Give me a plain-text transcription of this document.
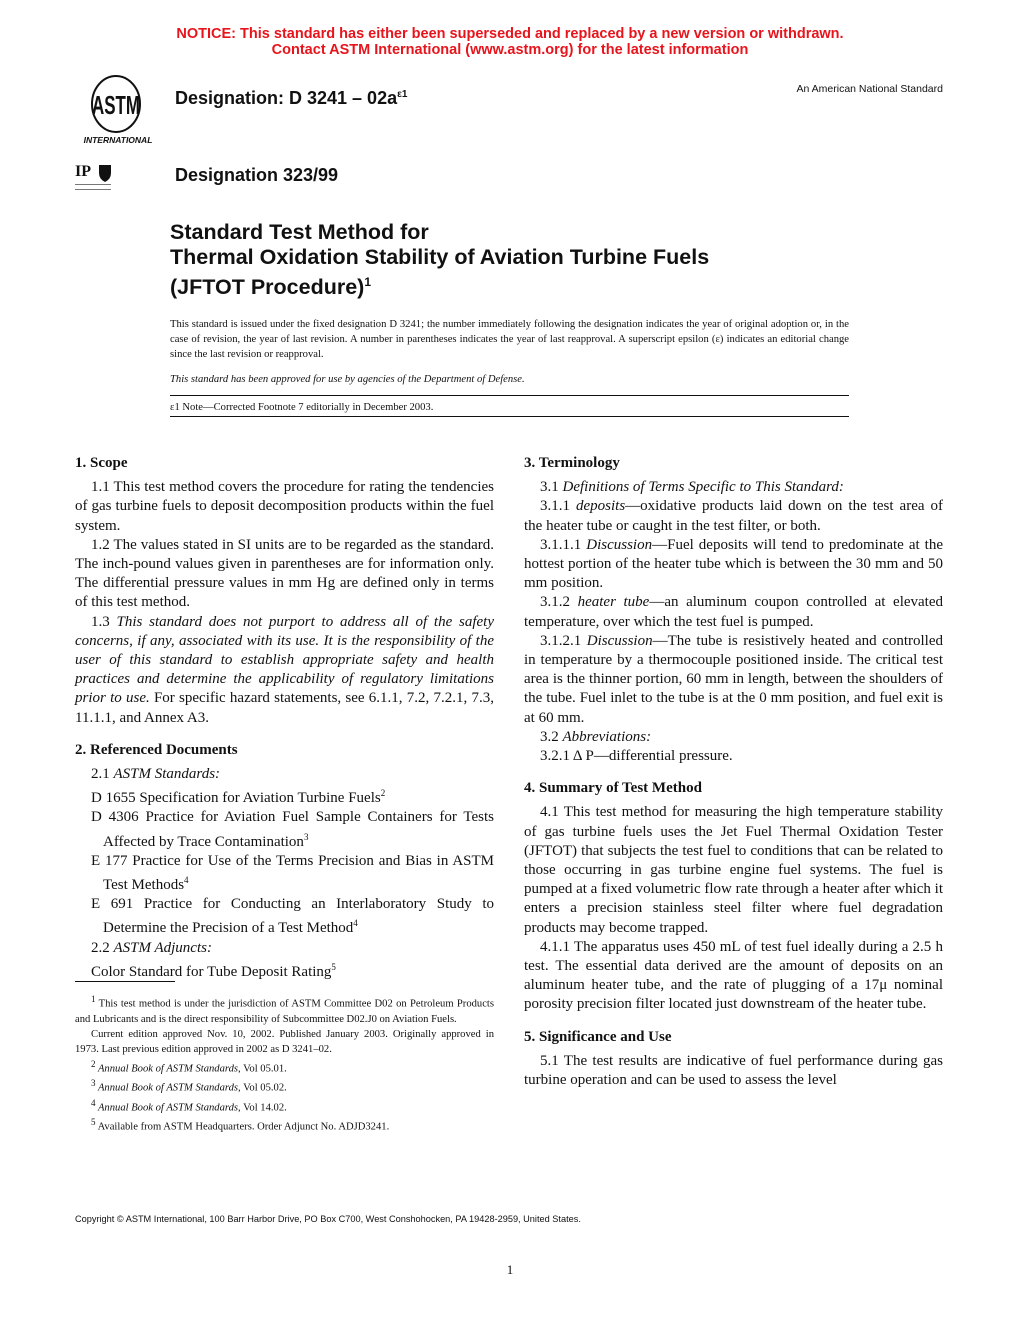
NOTICE: This standard has either been superseded and replaced by a new version or withdrawn.
Contact ASTM International (www.astm.org) for the latest information
ASTM
INTERNATIONAL
IP
Designation: D $3241 - 02a^{\varepsilon 1}$	An American National Standard
Designation 323/99
Standard Test Method for
Thermal Oxidation Stability of Aviation Turbine Fuels
(JFTOT Procedure)$^1$

This standard is issued under the fixed designation D 3241; the number immediately following the designation indicates the year of original adoption or, in the case of revision, the year of last revision. A number in parentheses indicates the year of last reapproval. A superscript epsilon (ε) indicates an editorial change since the last revision or reapproval.

This standard has been approved for use by agencies of the Department of Defense.

ε1 Note—Corrected Footnote 7 editorially in December 2003.

1. Scope

1.1 This test method covers the procedure for rating the tendencies of gas turbine fuels to deposit decomposition products within the fuel system.

1.2 The values stated in SI units are to be regarded as the standard. The inch-pound values given in parentheses are for information only. The differential pressure values in mm Hg are defined only in terms of this test method.

1.3 This standard does not purport to address all of the safety concerns, if any, associated with its use. It is the responsibility of the user of this standard to establish appropriate safety and health practices and determine the applicability of regulatory limitations prior to use. For specific hazard statements, see 6.1.1, 7.2, 7.2.1, 7.3, 11.1.1, and Annex A3.

2. Referenced Documents

2.1 ASTM Standards:

D 1655 Specification for Aviation Turbine Fuels$^2$

D 4306 Practice for Aviation Fuel Sample Containers for Tests Affected by Trace Contamination$^3$

E 177 Practice for Use of the Terms Precision and Bias in ASTM Test Methods$^4$

E 691 Practice for Conducting an Interlaboratory Study to Determine the Precision of a Test Method$^4$

2.2 ASTM Adjuncts:

Color Standard for Tube Deposit Rating$^5$

3. Terminology

3.1 Definitions of Terms Specific to This Standard:

3.1.1 deposits—oxidative products laid down on the test area of the heater tube or caught in the test filter, or both.

3.1.1.1 Discussion—Fuel deposits will tend to predominate at the hottest portion of the heater tube which is between the 30 mm and 50 mm position.

3.1.2 heater tube—an aluminum coupon controlled at elevated temperature, over which the test fuel is pumped.

3.1.2.1 Discussion—The tube is resistively heated and controlled in temperature by a thermocouple positioned inside. The critical test area is the thinner portion, 60 mm in length, between the shoulders of the tube. Fuel inlet to the tube is at the 0 mm position, and fuel exit is at 60 mm.

3.2 Abbreviations:

3.2.1 Δ P—differential pressure.

4. Summary of Test Method

4.1 This test method for measuring the high temperature stability of gas turbine fuels uses the Jet Fuel Thermal Oxidation Tester (JFTOT) that subjects the test fuel to conditions that can be related to those occurring in gas turbine engine fuel systems. The fuel is pumped at a fixed volumetric flow rate through a heater after which it enters a precision stainless steel filter where fuel degradation products may become trapped.

4.1.1 The apparatus uses 450 mL of test fuel ideally during a 2.5 h test. The essential data derived are the amount of deposits on an aluminum heater tube, and the rate of plugging of a 17μ nominal porosity precision filter located just downstream of the heater tube.

5. Significance and Use

5.1 The test results are indicative of fuel performance during gas turbine operation and can be used to assess the level

$^1$ This test method is under the jurisdiction of ASTM Committee D02 on Petroleum Products and Lubricants and is the direct responsibility of Subcommittee D02.J0 on Aviation Fuels.

Current edition approved Nov. 10, 2002. Published January 2003. Originally approved in 1973. Last previous edition approved in 2002 as D 3241–02.

$^2$ Annual Book of ASTM Standards, Vol 05.01.

$^3$ Annual Book of ASTM Standards, Vol 05.02.

$^4$ Annual Book of ASTM Standards, Vol 14.02.

$^5$ Available from ASTM Headquarters. Order Adjunct No. ADJD3241.

Copyright © ASTM International, 100 Barr Harbor Drive, PO Box C700, West Conshohocken, PA 19428-2959, United States.
1
